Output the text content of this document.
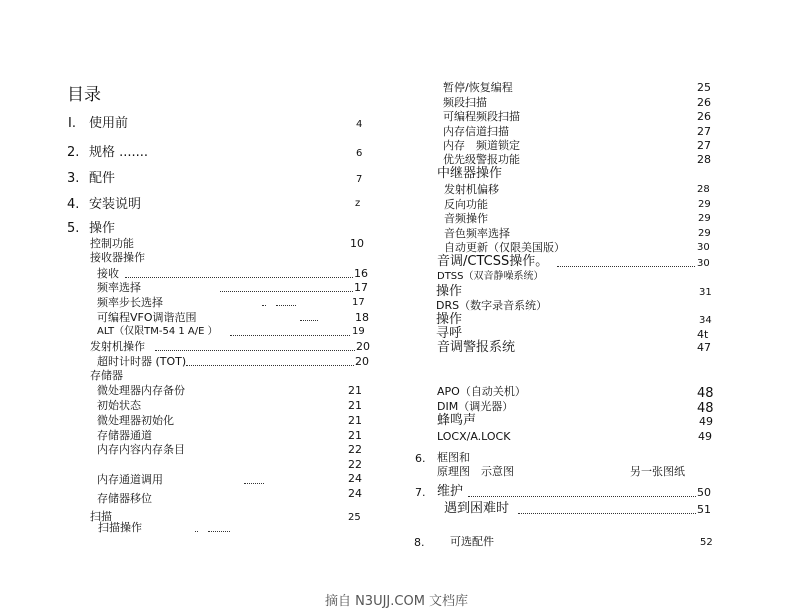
目录
I. 使用前	4
2. 规格 .......	6
3. 配件	7
4. 安装说明	z
5. 操作
控制功能	10
接收器操作
接收	16
频率选择	17
频率步长选择	17
可编程VFO调谐范围	18
ALT（仅限TM-54 1 A/E ）	19
发射机操作	20
超时计时器 (TOT)	20
存储器
微处理器内存备份	21
初始状态	21
微处理器初始化	21
存储器通道	21
内存内容内存条目	22
22
内存通道调用	24
存储器移位	24
扫描	25
扫描操作
暂停/恢复编程	25
频段扫描	26
可编程频段扫描	26
内存信道扫描	27
内存　频道锁定	27
优先级警报功能	28
中继器操作
发射机偏移	28
反向功能	29
音频操作	29
音色频率选择	29
自动更新（仅限美国版）	30
音调/CTCSS操作。	30
DTSS（双音静噪系统）
操作	31
DRS（数字录音系统）
操作	34
寻呼	4t
音调警报系统	47
APO（自动关机）	48
DIM（调光器）	48
蜂鸣声	49
LOCX/A.LOCK	49
6. 框图和
原理图　示意图	另一张图纸
7. 维护	50
遇到困难时	51
8. 可选配件	52
摘自 N3UJJ.COM 文档库
